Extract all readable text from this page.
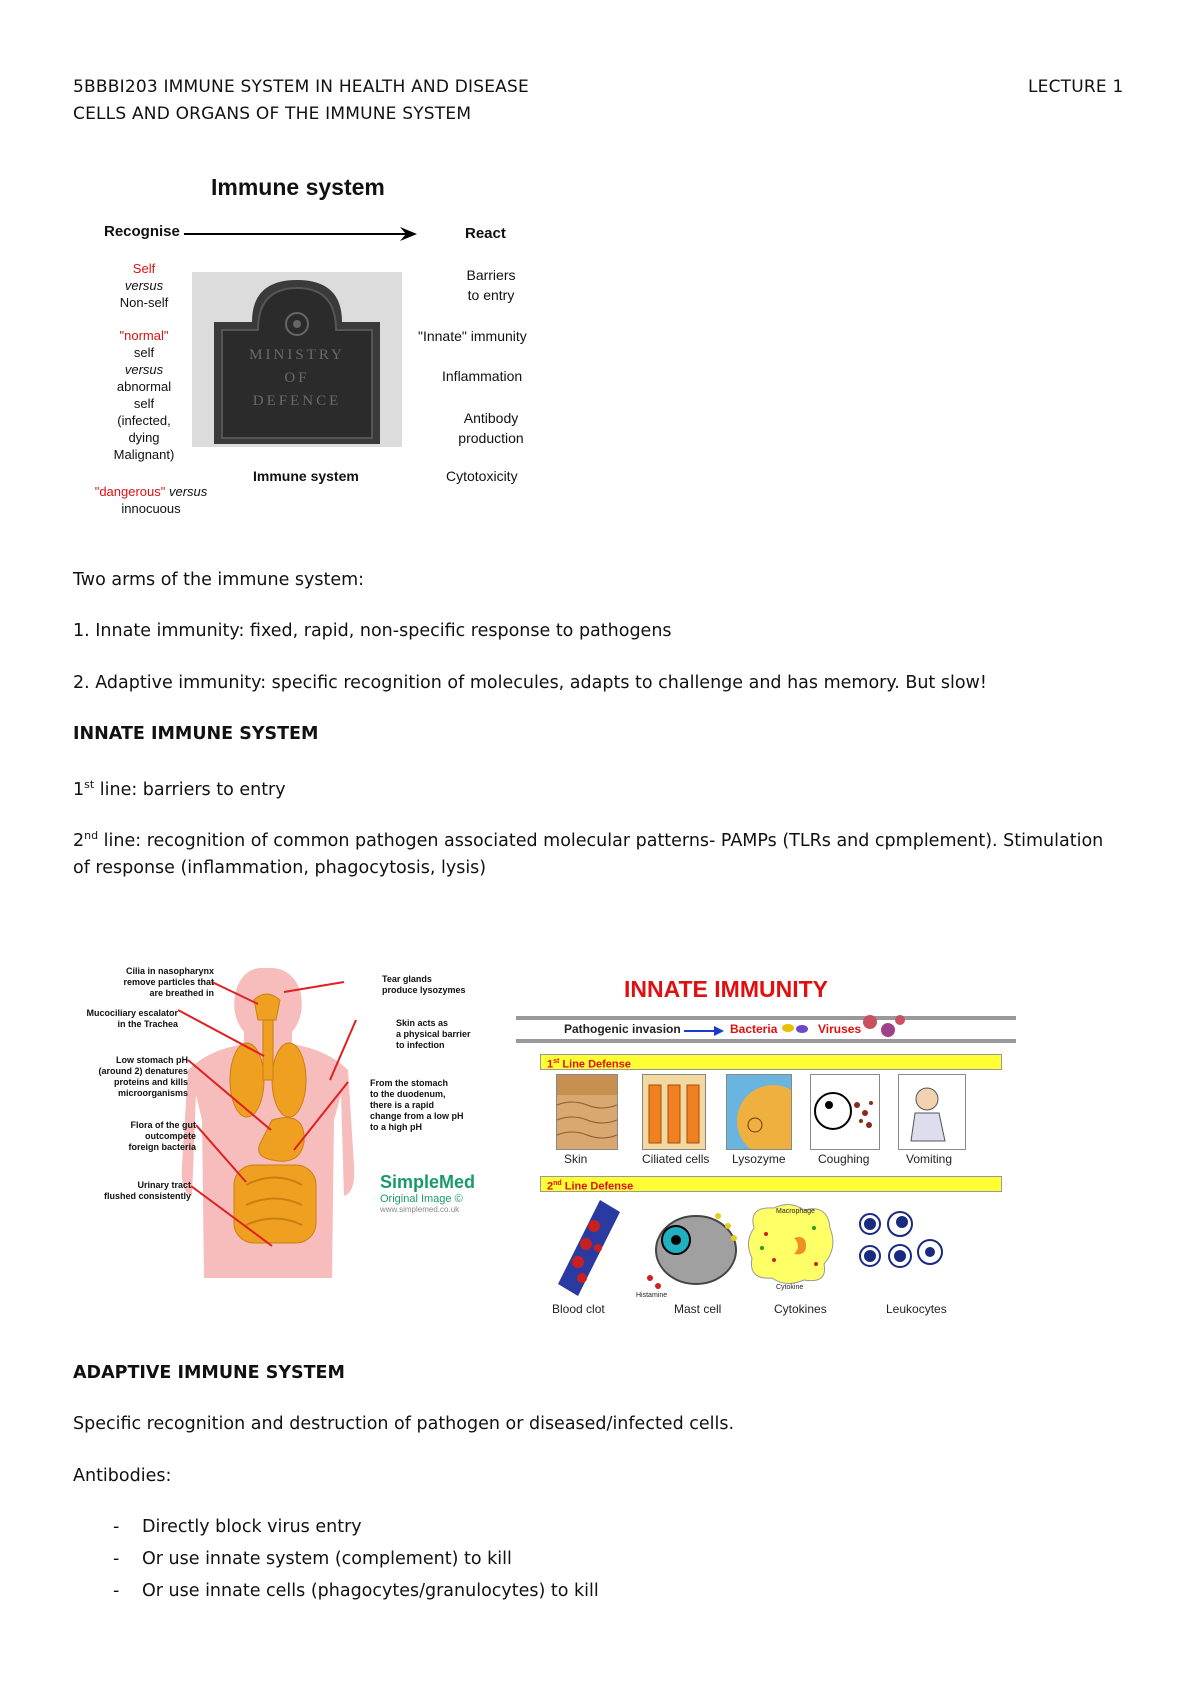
5BBBI203 IMMUNE SYSTEM IN HEALTH AND DISEASE	LECTURE 1
CELLS AND ORGANS OF THE IMMUNE SYSTEM
Immune system
Recognise	React
Self
versus
Non-self
"normal"
self
versus
abnormal
self
(infected,
dying
Malignant)
"dangerous" versus
innocuous
MINISTRY
OF
DEFENCE
Immune system
Barriers
to entry
"Innate" immunity
Inflammation
Antibody
production
Cytotoxicity
Two arms of the immune system:
1. Innate immunity: fixed, rapid, non-specific response to pathogens
2. Adaptive immunity: specific recognition of molecules, adapts to challenge and has memory. But slow!
INNATE IMMUNE SYSTEM
1st line: barriers to entry
2nd line: recognition of common pathogen associated molecular patterns- PAMPs (TLRs and cpmplement). Stimulation
of response (inflammation, phagocytosis, lysis)
Cilia in nasopharynx
remove particles that
are breathed in
Mucociliary escalator
in the Trachea
Low stomach pH
(around 2) denatures
proteins and kills
microorganisms
Flora of the gut
outcompete
foreign bacteria
Urinary tract
flushed consistently
Tear glands
produce lysozymes
Skin acts as
a physical barrier
to infection
From the stomach
to the duodenum,
there is a rapid
change from a low pH
to a high pH
SimpleMed
Original Image ©
www.simplemed.co.uk
INNATE IMMUNITY
Pathogenic invasion	Bacteria	Viruses
1st Line Defense
Skin	Ciliated cells Lysozyme	Coughing	Vomiting
2nd Line Defense
Histamine
Macrophage
Cytokine
Blood clot	Mast cell	Cytokines	Leukocytes
ADAPTIVE IMMUNE SYSTEM
Specific recognition and destruction of pathogen or diseased/infected cells.
Antibodies:
- Directly block virus entry
- Or use innate system (complement) to kill
- Or use innate cells (phagocytes/granulocytes) to kill
